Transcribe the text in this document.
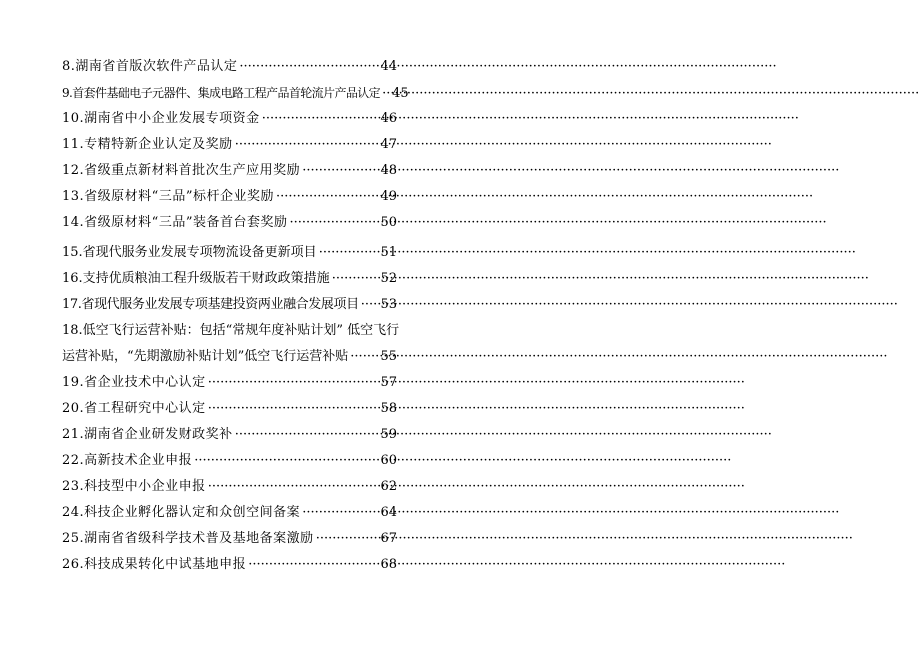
8.湖南省首版次软件产品认定 ·····	44
9.首套件基础电子元器件、集成电路工程产品首轮流片产品认定 ····· 45
10.湖南省中小企业发展专项资金 ·····	46
11.专精特新企业认定及奖励 ·····	47
12.省级重点新材料首批次生产应用奖励 ·····	48
13.省级原材料“三品”标杆企业奖励 ·····	49
14.省级原材料“三品”装备首台套奖励 ·····	50
15.省现代服务业发展专项物流设备更新项目 ·····	51
16.支持优质粮油工程升级版若干财政政策措施 ·····	52
17.省现代服务业发展专项基建投资两业融合发展项目 ····· 53
18.低空飞行运营补贴：包括“常规年度补贴计划” 低空飞行
运营补贴，“先期激励补贴计划”低空飞行运营补贴 ····· 55
19.省企业技术中心认定 ·····	57
20.省工程研究中心认定 ·····	58
21.湖南省企业研发财政奖补 ·····	59
22.高新技术企业申报 ·····	60
23.科技型中小企业申报 ·····	62
24.科技企业孵化器认定和众创空间备案 ·····	64
25.湖南省省级科学技术普及基地备案激励 ·····	67
26.科技成果转化中试基地申报 ·····	68
